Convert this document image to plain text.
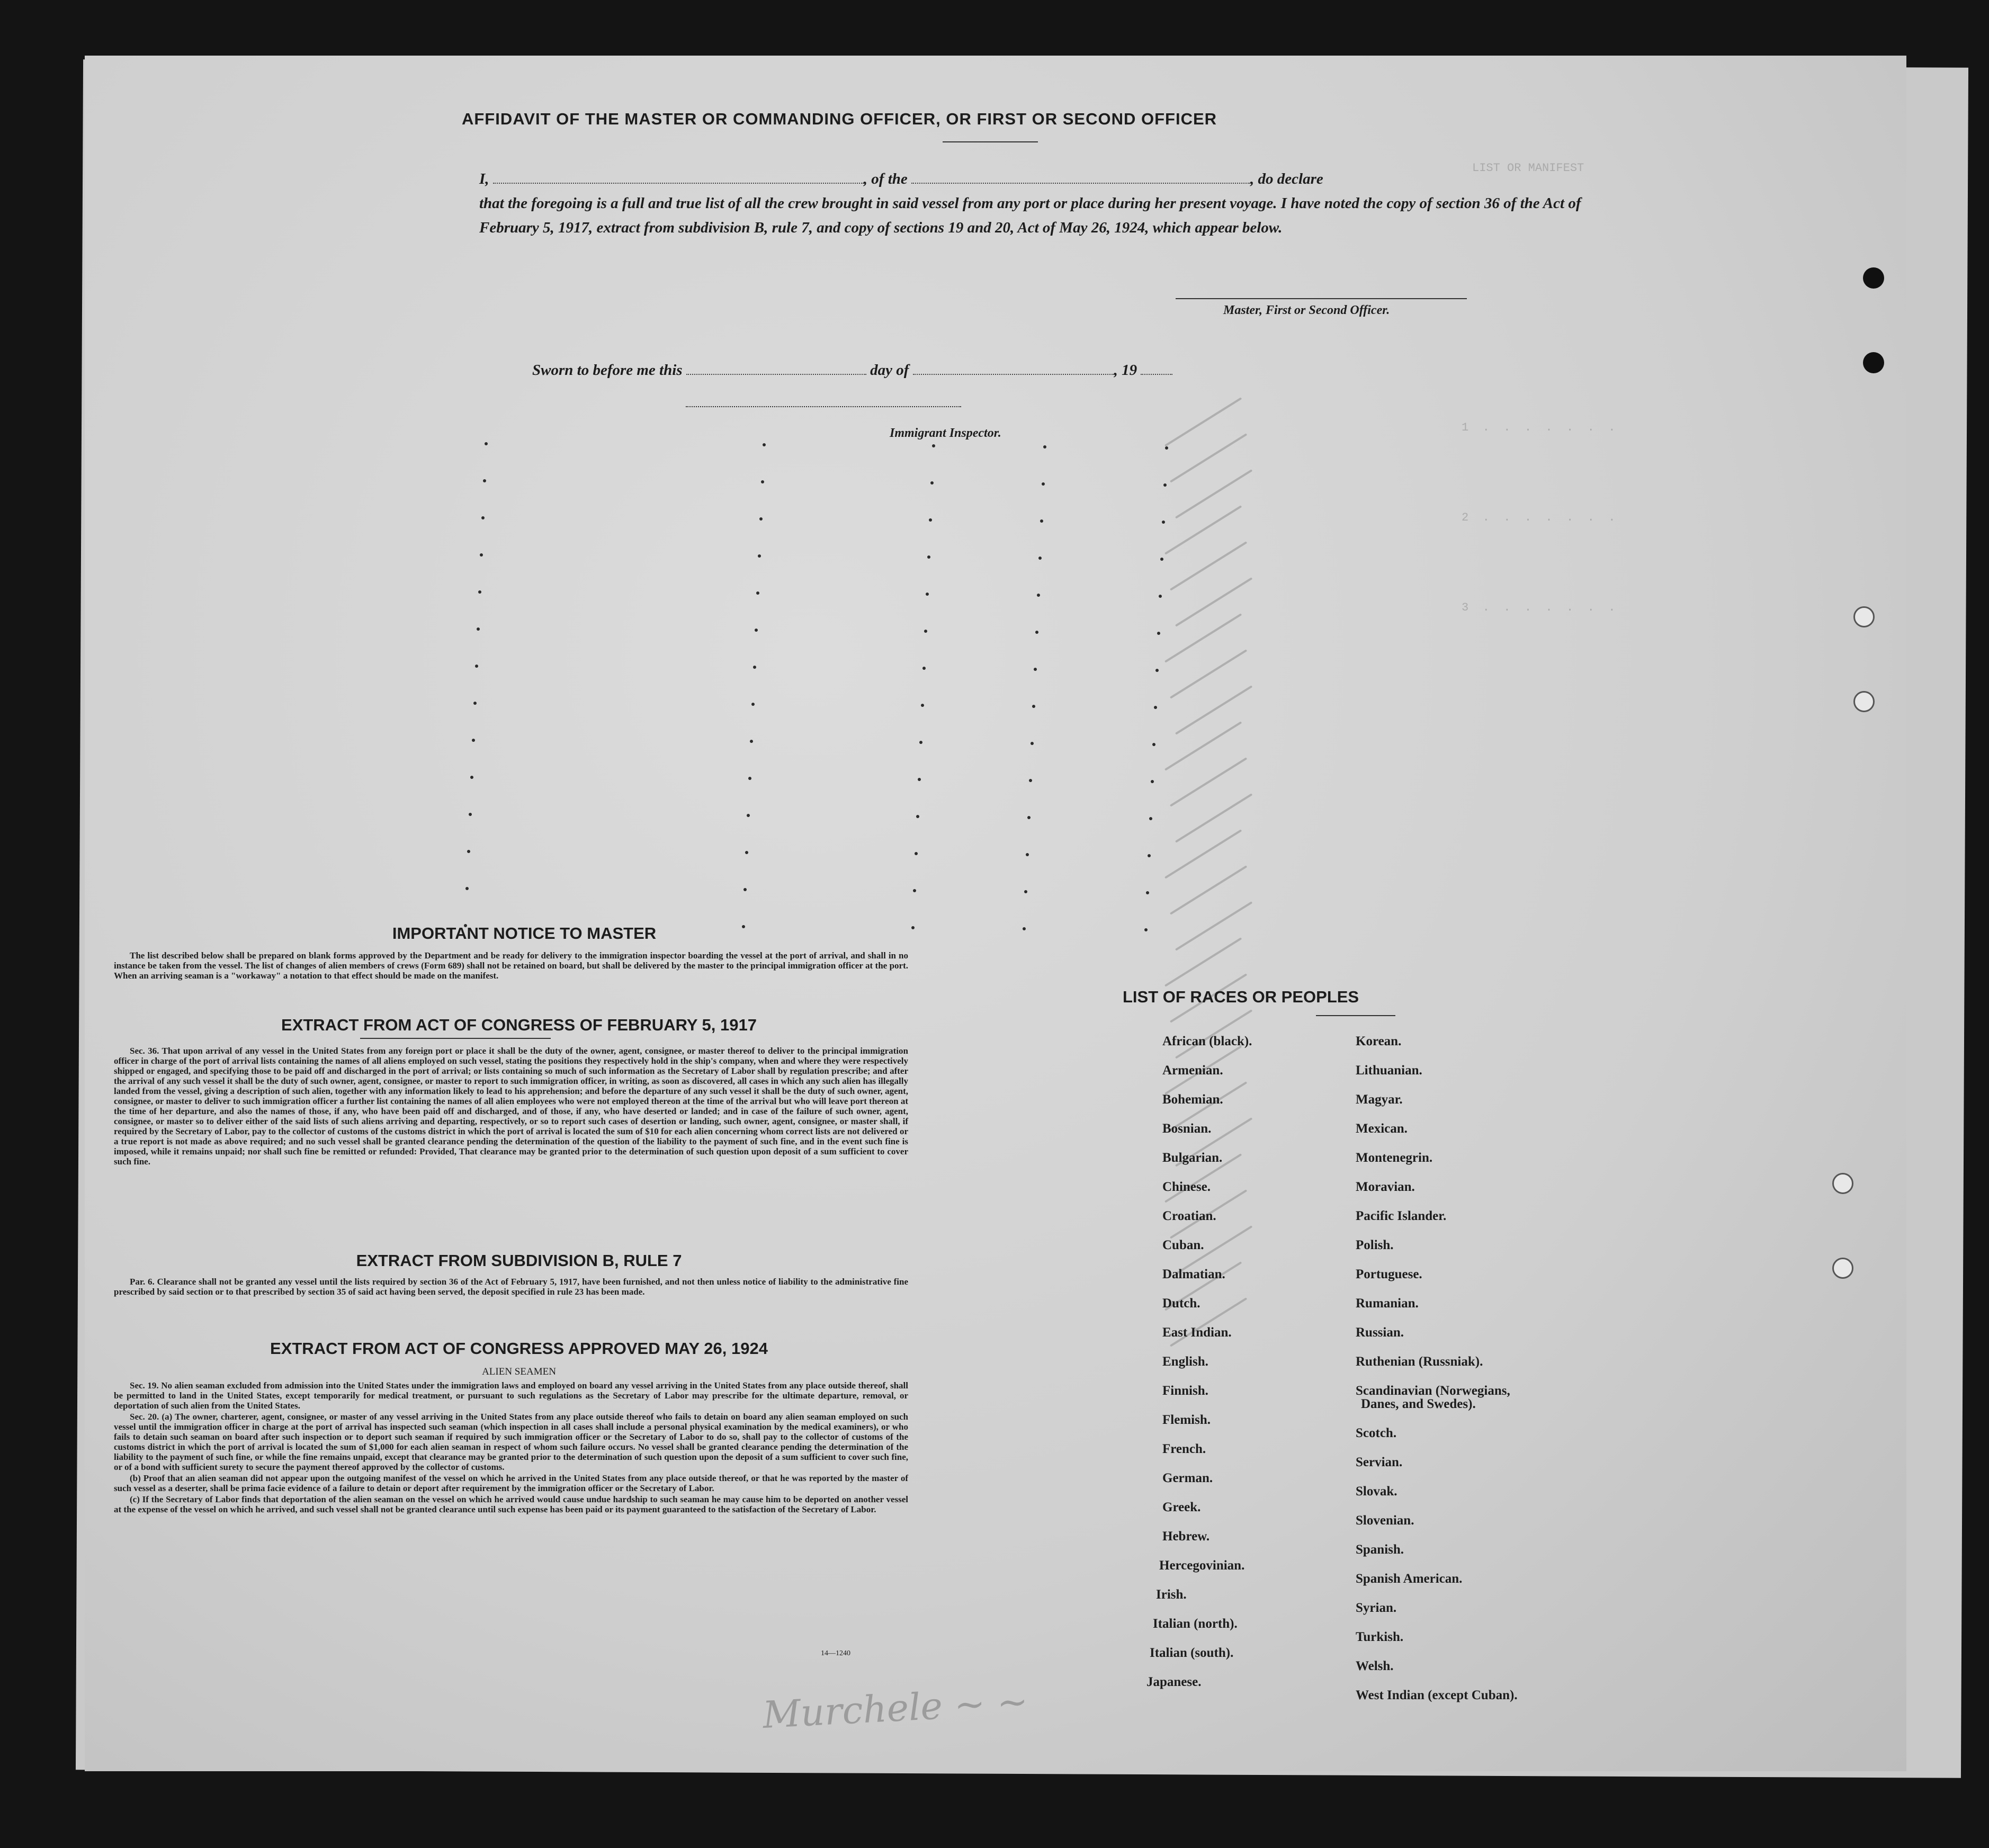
LIST OR MANIFEST
1  .  .  .  .  .  .  .
2  .  .  .  .  .  .  .
3  .  .  .  .  .  .  .
AFFIDAVIT OF THE MASTER OR COMMANDING OFFICER, OR FIRST OR SECOND OFFICER
I,	, of the	, do declare
that the foregoing is a full and true list of all the crew brought in said vessel from any port or place during her present voyage. I have noted the copy of section 36 of the Act of February 5, 1917, extract from subdivision B, rule 7, and copy of sections 19 and 20, Act of May 26, 1924, which appear below.
Master, First or Second Officer.
Sworn to before me this	day of	, 19
Immigrant Inspector.
IMPORTANT NOTICE TO MASTER

The list described below shall be prepared on blank forms approved by the Department and be ready for delivery to the immigration inspector boarding the vessel at the port of arrival, and shall in no instance be taken from the vessel. The list of changes of alien members of crews (Form 689) shall not be retained on board, but shall be delivered by the master to the principal immigration officer at the port. When an arriving seaman is a "workaway" a notation to that effect should be made on the manifest.

EXTRACT FROM ACT OF CONGRESS OF FEBRUARY 5, 1917

Sec. 36. That upon arrival of any vessel in the United States from any foreign port or place it shall be the duty of the owner, agent, consignee, or master thereof to deliver to the principal immigration officer in charge of the port of arrival lists containing the names of all aliens employed on such vessel, stating the positions they respectively hold in the ship's company, when and where they were respectively shipped or engaged, and specifying those to be paid off and discharged in the port of arrival; or lists containing so much of such information as the Secretary of Labor shall by regulation prescribe; and after the arrival of any such vessel it shall be the duty of such owner, agent, consignee, or master to report to such immigration officer, in writing, as soon as discovered, all cases in which any such alien has illegally landed from the vessel, giving a description of such alien, together with any information likely to lead to his apprehension; and before the departure of any such vessel it shall be the duty of such owner, agent, consignee, or master to deliver to such immigration officer a further list containing the names of all alien employees who were not employed thereon at the time of the arrival but who will leave port thereon at the time of her departure, and also the names of those, if any, who have been paid off and discharged, and of those, if any, who have deserted or landed; and in case of the failure of such owner, agent, consignee, or master so to deliver either of the said lists of such aliens arriving and departing, respectively, or so to report such cases of desertion or landing, such owner, agent, consignee, or master shall, if required by the Secretary of Labor, pay to the collector of customs of the customs district in which the port of arrival is located the sum of $10 for each alien concerning whom correct lists are not delivered or a true report is not made as above required; and no such vessel shall be granted clearance pending the determination of the question of the liability to the payment of such fine, and in the event such fine is imposed, while it remains unpaid; nor shall such fine be remitted or refunded: Provided, That clearance may be granted prior to the determination of such question upon deposit of a sum sufficient to cover such fine.

EXTRACT FROM SUBDIVISION B, RULE 7

Par. 6. Clearance shall not be granted any vessel until the lists required by section 36 of the Act of February 5, 1917, have been furnished, and not then unless notice of liability to the administrative fine prescribed by said section or to that prescribed by section 35 of said act having been served, the deposit specified in rule 23 has been made.

EXTRACT FROM ACT OF CONGRESS APPROVED MAY 26, 1924
ALIEN SEAMEN

Sec. 19. No alien seaman excluded from admission into the United States under the immigration laws and employed on board any vessel arriving in the United States from any place outside thereof, shall be permitted to land in the United States, except temporarily for medical treatment, or pursuant to such regulations as the Secretary of Labor may prescribe for the ultimate departure, removal, or deportation of such alien from the United States.

Sec. 20. (a) The owner, charterer, agent, consignee, or master of any vessel arriving in the United States from any place outside thereof who fails to detain on board any alien seaman employed on such vessel until the immigration officer in charge at the port of arrival has inspected such seaman (which inspection in all cases shall include a personal physical examination by the medical examiners), or who fails to detain such seaman on board after such inspection or to deport such seaman if required by such immigration officer or the Secretary of Labor to do so, shall pay to the collector of customs of the customs district in which the port of arrival is located the sum of $1,000 for each alien seaman in respect of whom such failure occurs. No vessel shall be granted clearance pending the determination of the liability to the payment of such fine, or while the fine remains unpaid, except that clearance may be granted prior to the determination of such question upon the deposit of a sum sufficient to cover such fine, or of a bond with sufficient surety to secure the payment thereof approved by the collector of customs.

(b) Proof that an alien seaman did not appear upon the outgoing manifest of the vessel on which he arrived in the United States from any place outside thereof, or that he was reported by the master of such vessel as a deserter, shall be prima facie evidence of a failure to detain or deport after requirement by the immigration officer or the Secretary of Labor.

(c) If the Secretary of Labor finds that deportation of the alien seaman on the vessel on which he arrived would cause undue hardship to such seaman he may cause him to be deported on another vessel at the expense of the vessel on which he arrived, and such vessel shall not be granted clearance until such expense has been paid or its payment guaranteed to the satisfaction of the Secretary of Labor.

14—1240
LIST OF RACES OR PEOPLES
African (black).
Armenian.
Bohemian.
Bosnian.
Bulgarian.
Chinese.
Croatian.
Cuban.
Dalmatian.
Dutch.
East Indian.
English.
Finnish.
Flemish.
French.
German.
Greek.
Hebrew.
Hercegovinian.
Irish.
Italian (north).
Italian (south).
Japanese.
Korean.
Lithuanian.
Magyar.
Mexican.
Montenegrin.
Moravian.
Pacific Islander.
Polish.
Portuguese.
Rumanian.
Russian.
Ruthenian (Russniak).
Scandinavian (Norwegians,
Danes, and Swedes).
Scotch.
Servian.
Slovak.
Slovenian.
Spanish.
Spanish American.
Syrian.
Turkish.
Welsh.
West Indian (except Cuban).
Murchele ~ ~
